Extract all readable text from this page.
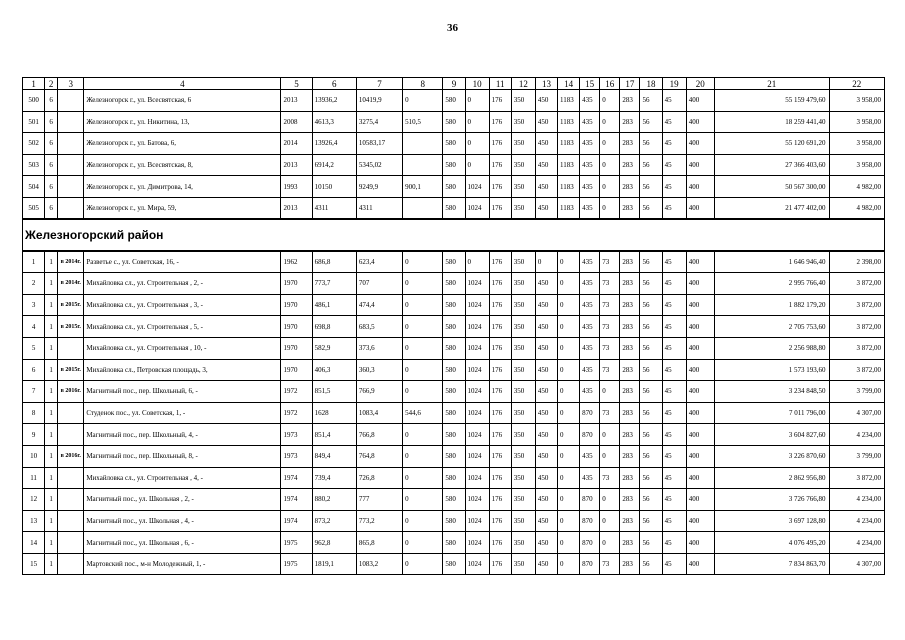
36
1	2	3	4	5	6	7	8	9	10	11	12	13	14	15	16	17	18	19	20	21	22
500	6		Железногорск г., ул. Всесвятская, 6	2013	13936,2	10419,9	0	580	0	176	350	450	1183	435	0	283	56	45	400	55 159 479,60	3 958,00
501	6		Железногорск г., ул. Никитина, 13,	2008	4613,3	3275,4	510,5	580	0	176	350	450	1183	435	0	283	56	45	400	18 259 441,40	3 958,00
502	6		Железногорск г., ул. Батова, 6,	2014	13926,4	10583,17		580	0	176	350	450	1183	435	0	283	56	45	400	55 120 691,20	3 958,00
503	6		Железногорск г., ул. Всесвятская, 8,	2013	6914,2	5345,02		580	0	176	350	450	1183	435	0	283	56	45	400	27 366 403,60	3 958,00
504	6		Железногорск г., ул. Димитрова, 14,	1993	10150	9249,9	900,1	580	1024	176	350	450	1183	435	0	283	56	45	400	50 567 300,00	4 982,00
505	6		Железногорск г., ул. Мира, 59,	2013	4311	4311		580	1024	176	350	450	1183	435	0	283	56	45	400	21 477 402,00	4 982,00
Железногорский район																					
1	1	в 2014г.	Разветье с., ул. Советская, 16, -	1962	686,8	623,4	0	580	0	176	350	0	0	435	73	283	56	45	400	1 646 946,40	2 398,00
2	1	в 2014г.	Михайловка сл., ул. Строительная , 2, -	1970	773,7	707	0	580	1024	176	350	450	0	435	73	283	56	45	400	2 995 766,40	3 872,00
3	1	в 2015г.	Михайловка сл., ул. Строительная , 3, -	1970	486,1	474,4	0	580	1024	176	350	450	0	435	73	283	56	45	400	1 882 179,20	3 872,00
4	1	в 2015г.	Михайловка сл., ул. Строительная , 5, -	1970	698,8	683,5	0	580	1024	176	350	450	0	435	73	283	56	45	400	2 705 753,60	3 872,00
5	1		Михайловка сл., ул. Строительная , 10, -	1970	582,9	373,6	0	580	1024	176	350	450	0	435	73	283	56	45	400	2 256 988,80	3 872,00
6	1	в 2015г.	Михайловка сл., Петровская площадь, 3,	1970	406,3	360,3	0	580	1024	176	350	450	0	435	73	283	56	45	400	1 573 193,60	3 872,00
7	1	в 2016г.	Магнитный пос., пер. Школьный, 6, -	1972	851,5	766,9	0	580	1024	176	350	450	0	435	0	283	56	45	400	3 234 848,50	3 799,00
8	1		Студенок пос., ул. Советская, 1, -	1972	1628	1083,4	544,6	580	1024	176	350	450	0	870	73	283	56	45	400	7 011 796,00	4 307,00
9	1		Магнитный пос., пер. Школьный, 4, -	1973	851,4	766,8	0	580	1024	176	350	450	0	870	0	283	56	45	400	3 604 827,60	4 234,00
10	1	в 2016г.	Магнитный пос., пер. Школьный, 8, -	1973	849,4	764,8	0	580	1024	176	350	450	0	435	0	283	56	45	400	3 226 870,60	3 799,00
11	1		Михайловка сл., ул. Строительная , 4, -	1974	739,4	726,8	0	580	1024	176	350	450	0	435	73	283	56	45	400	2 862 956,80	3 872,00
12	1		Магнитный пос., ул. Школьная , 2, -	1974	880,2	777	0	580	1024	176	350	450	0	870	0	283	56	45	400	3 726 766,80	4 234,00
13	1		Магнитный пос., ул. Школьная , 4, -	1974	873,2	773,2	0	580	1024	176	350	450	0	870	0	283	56	45	400	3 697 128,80	4 234,00
14	1		Магнитный пос., ул. Школьная , 6, -	1975	962,8	865,8	0	580	1024	176	350	450	0	870	0	283	56	45	400	4 076 495,20	4 234,00
15	1		Мартовский пос., м-н Молодежный, 1, -	1975	1819,1	1083,2	0	580	1024	176	350	450	0	870	73	283	56	45	400	7 834 863,70	4 307,00
